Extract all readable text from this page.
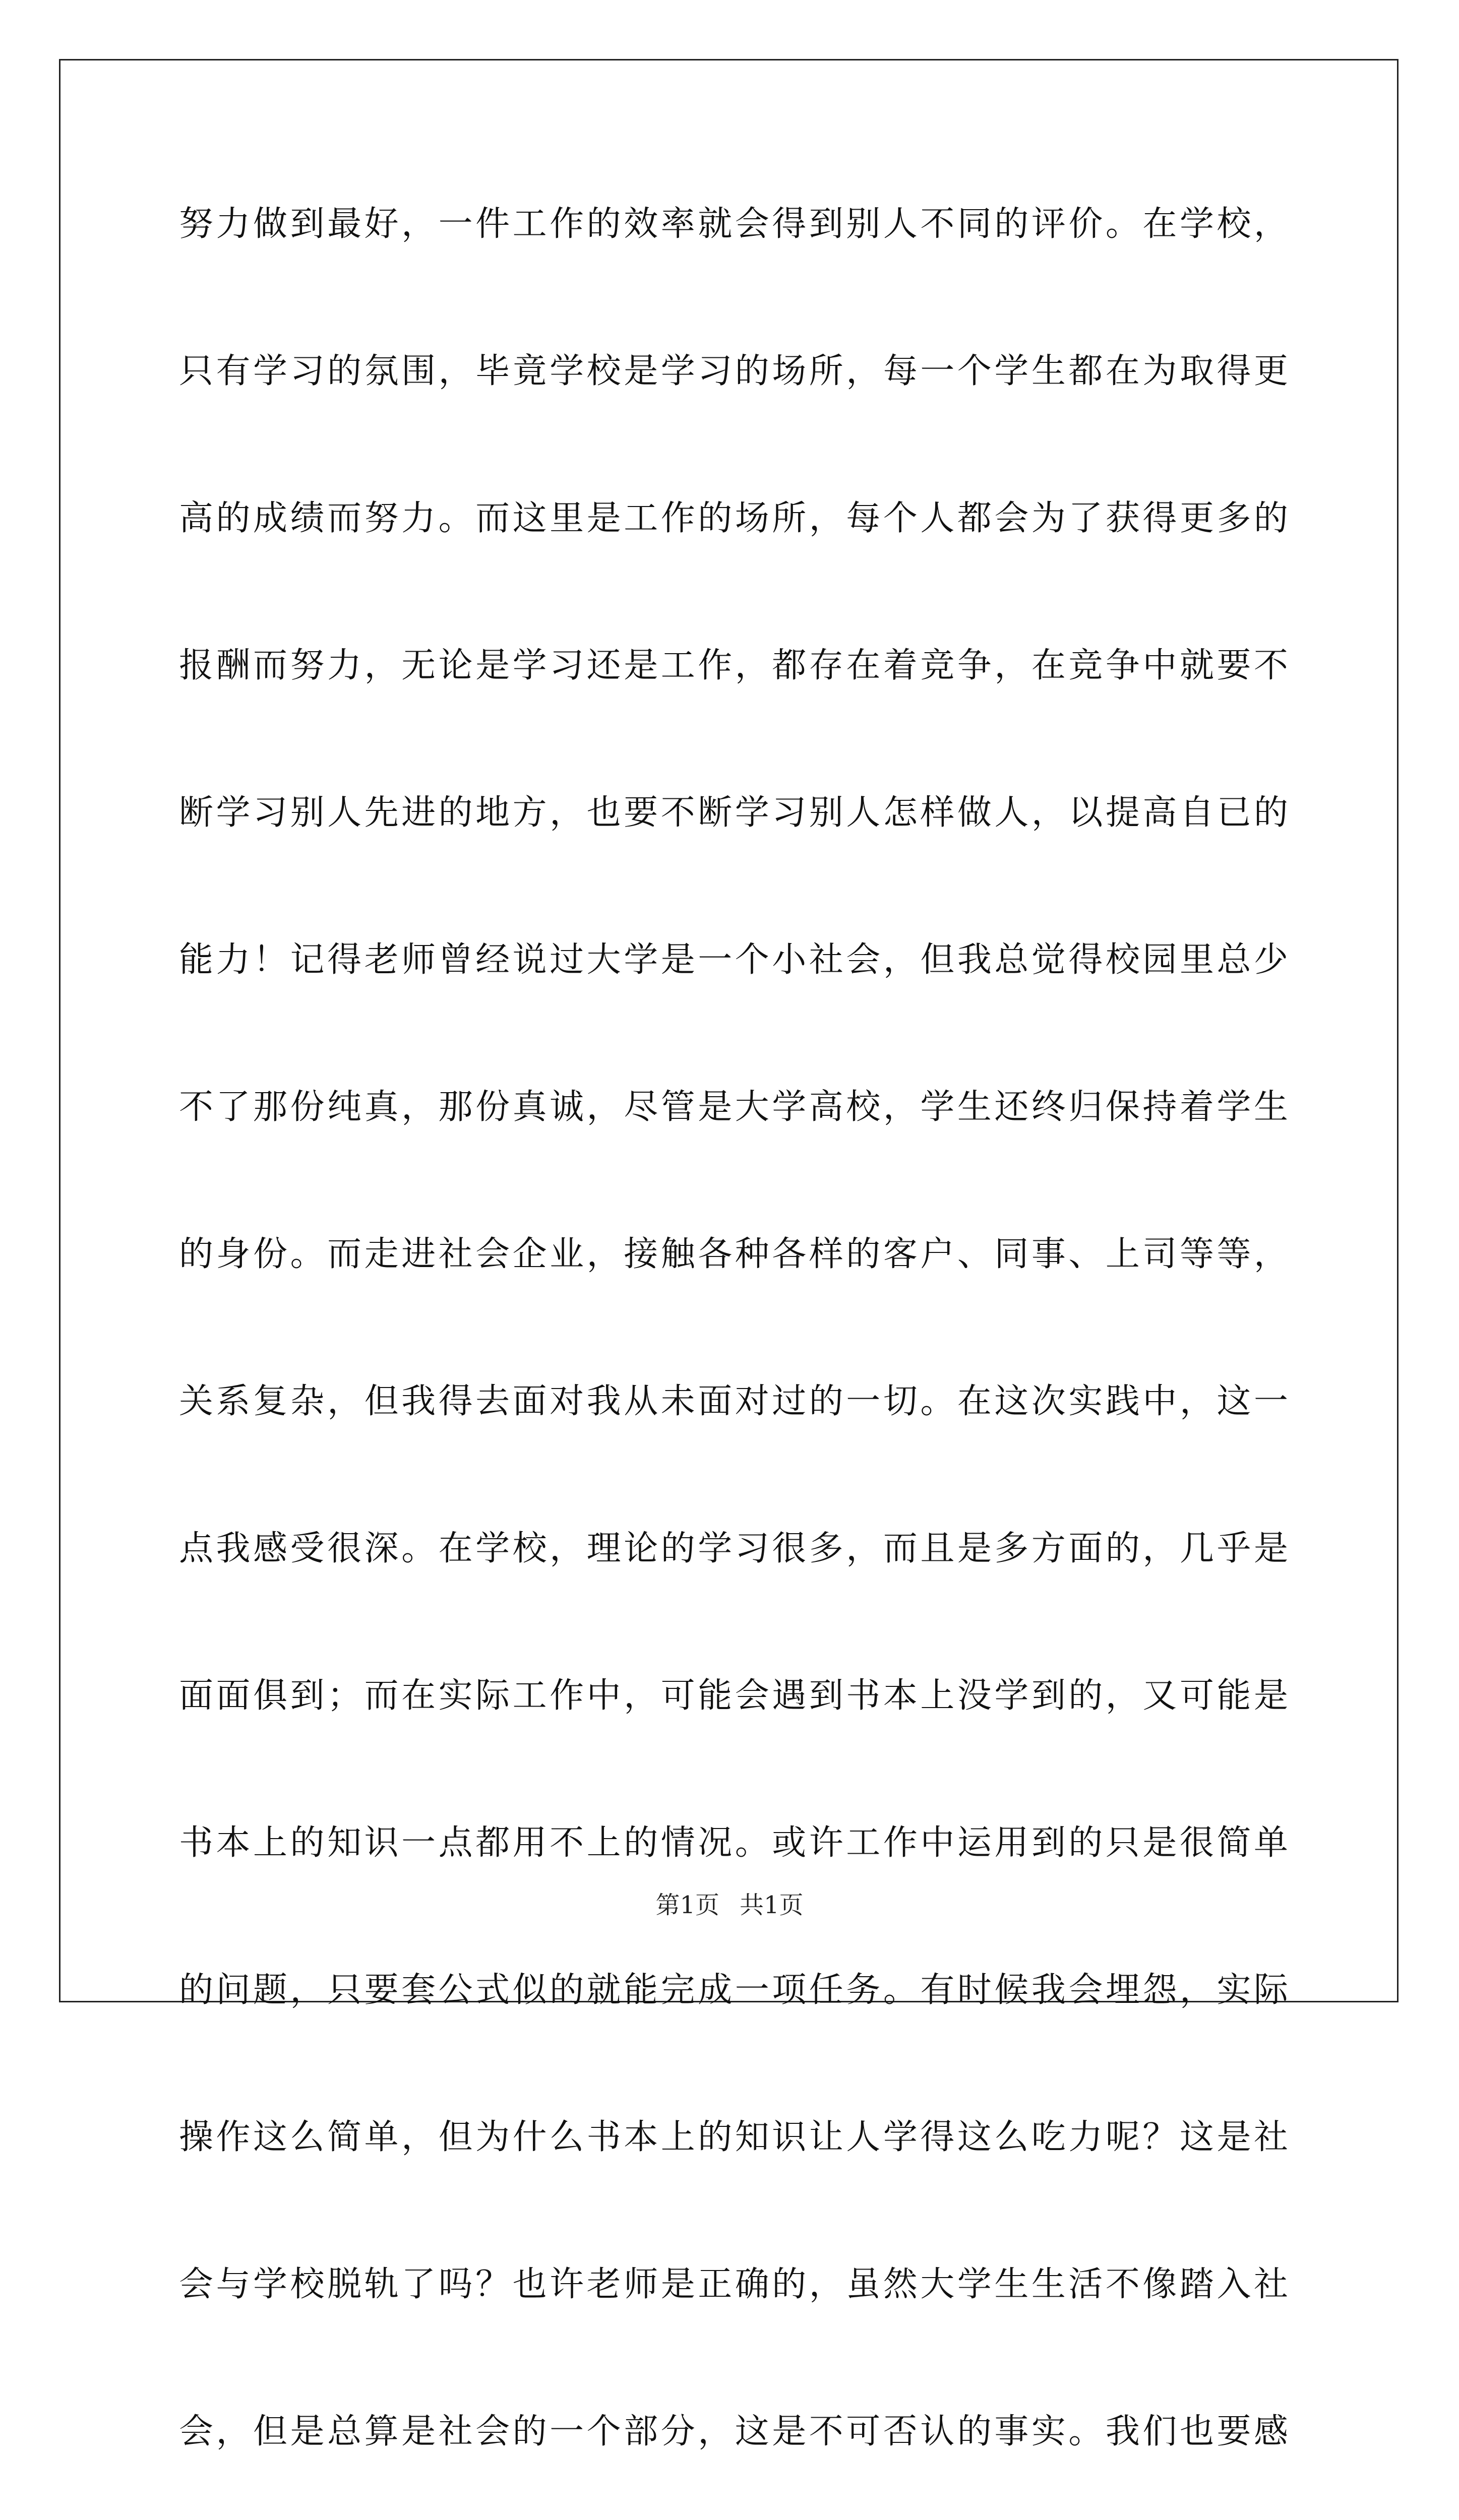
努力做到最好，一件工作的效率就会得到别人不同的评价。在学校，
只有学习的氛围，毕竟学校是学习的场所，每一个学生都在为取得更
高的成绩而努力。而这里是工作的场所，每个人都会为了获得更多的
报酬而努力，无论是学习还是工作，都存在着竞争，在竞争中就要不
断学习别人先进的地方，也要不断学习别人怎样做人，以提高自已的
能力！记得老师曾经说过大学是一个小社会，但我总觉得校园里总少
不了那份纯真，那份真诚，尽管是大学高校，学生还终归保持着学生
的身份。而走进社会企业，接触各种各样的客户、同事、上司等等，
关系复杂，但我得去面对我从未面对过的一切。在这次实践中，这一
点我感受很深。在学校，理论的学习很多，而且是多方面的，几乎是
面面俱到；而在实际工作中，可能会遇到书本上没学到的，又可能是
书本上的知识一点都用不上的情况。或许工作中运用到的只是很简单
的问题，只要套公式似的就能完成一项任务。有时候我会埋怨，实际
操作这么简单，但为什么书本上的知识让人学得这么吃力呢？这是社
会与学校脱轨了吗？也许老师是正确的，虽然大学生生活不像踏入社
会，但是总算是社会的一个部分，这是不可否认的事实。我们也要感
第1页 共1页
